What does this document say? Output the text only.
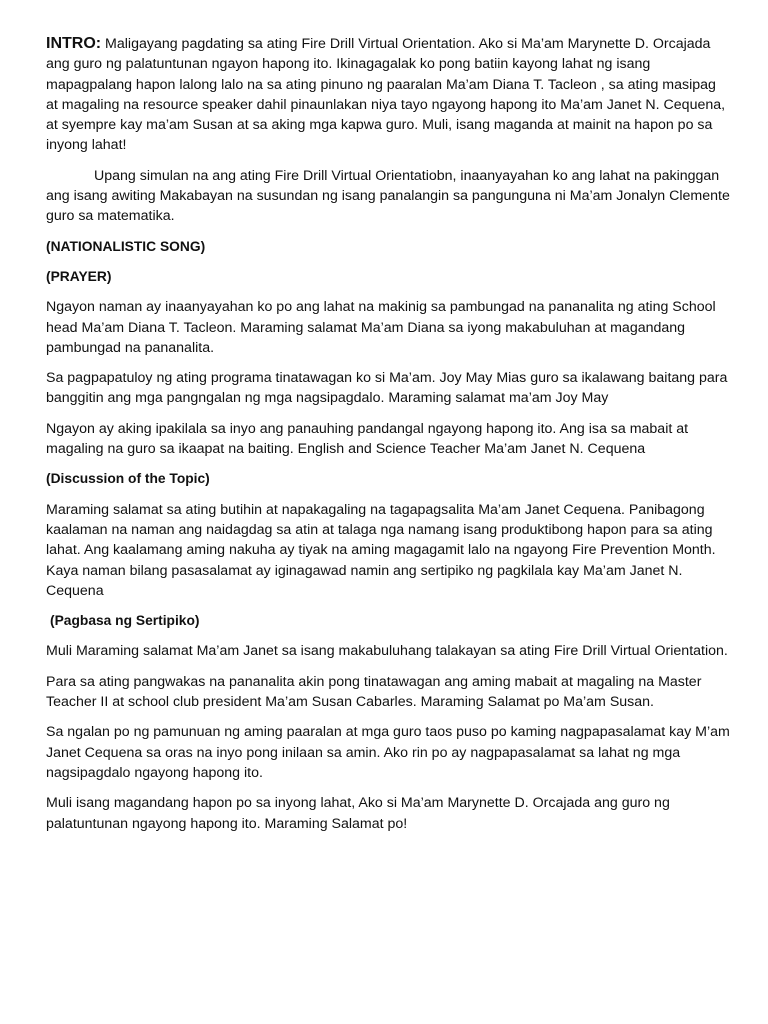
INTRO: Maligayang pagdating sa ating Fire Drill Virtual Orientation. Ako si Ma’am Marynette D. Orcajada ang guro ng palatuntunan ngayon hapong ito. Ikinagagalak ko pong batiin kayong lahat ng isang mapagpalang hapon lalong lalo na sa ating pinuno ng paaralan Ma’am Diana T. Tacleon , sa ating masipag at magaling na resource speaker dahil pinaunlakan niya tayo ngayong hapong ito Ma’am Janet N. Cequena, at syempre kay ma’am Susan at sa aking mga kapwa guro. Muli, isang maganda at mainit na hapon po sa inyong lahat!

Upang simulan na ang ating Fire Drill Virtual Orientatiobn, inaanyayahan ko ang lahat na pakinggan ang isang awiting Makabayan na susundan ng isang panalangin sa pangunguna ni Ma’am Jonalyn Clemente guro sa matematika.

(NATIONALISTIC SONG)

(PRAYER)

Ngayon naman ay inaanyayahan ko po ang lahat na makinig sa pambungad na pananalita ng ating School head Ma’am Diana T. Tacleon. Maraming salamat Ma’am Diana sa iyong makabuluhan at magandang pambungad na pananalita.

Sa pagpapatuloy ng ating programa tinatawagan ko si Ma’am. Joy May Mias guro sa ikalawang baitang para banggitin ang mga pangngalan ng mga nagsipagdalo. Maraming salamat ma’am Joy May

Ngayon ay aking ipakilala sa inyo ang panauhing pandangal ngayong hapong ito. Ang isa sa mabait at magaling na guro sa ikaapat na baiting. English and Science Teacher Ma’am Janet N. Cequena

(Discussion of the Topic)

Maraming salamat sa ating butihin at napakagaling na tagapagsalita Ma’am Janet Cequena. Panibagong kaalaman na naman ang naidagdag sa atin at talaga nga namang isang produktibong hapon para sa ating lahat. Ang kaalamang aming nakuha ay tiyak na aming magagamit lalo na ngayong Fire Prevention Month. Kaya naman bilang pasasalamat ay iginagawad namin ang sertipiko ng pagkilala kay Ma’am Janet N. Cequena

(Pagbasa ng Sertipiko)

Muli Maraming salamat Ma’am Janet sa isang makabuluhang talakayan sa ating Fire Drill Virtual Orientation.

Para sa ating pangwakas na pananalita akin pong tinatawagan ang aming mabait at magaling na Master Teacher II at school club president Ma’am Susan Cabarles. Maraming Salamat po Ma’am Susan.

Sa ngalan po ng pamunuan ng aming paaralan at mga guro taos puso po kaming nagpapasalamat kay M’am Janet Cequena sa oras na inyo pong inilaan sa amin. Ako rin po ay nagpapasalamat sa lahat ng mga nagsipagdalo ngayong hapong ito.

Muli isang magandang hapon po sa inyong lahat, Ako si Ma’am Marynette D. Orcajada ang guro ng palatuntunan ngayong hapong ito. Maraming Salamat po!
